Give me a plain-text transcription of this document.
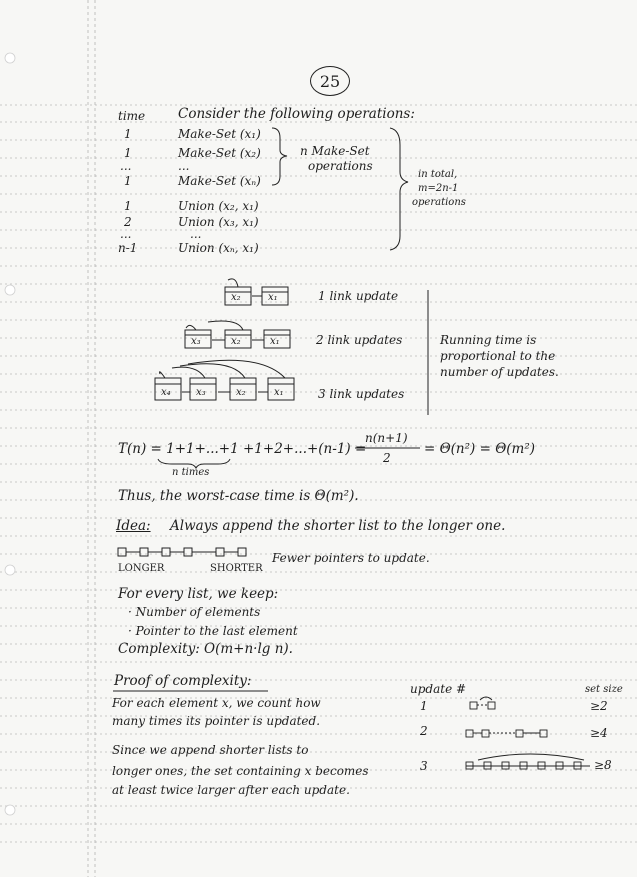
25
time Consider the following operations:
1	Make-Set (x₁)
1	Make-Set (x₂)
...	...
1	Make-Set (xₙ)
1	Union (x₂, x₁)
2	Union (x₃, x₁)
...	...
n-1	Union (xₙ, x₁)
n Make-Set
operations
in total,
m=2n-1
operations
x₂	x₁	1 link update
x₃	x₂	x₁	2 link updates
x₄	x₃	x₂	x₁	3 link updates
Running time is
proportional to the
number of updates.
T(n) = 1+1+...+1 +1+2+...+(n-1) =
n(n+1)
2
= Θ(n²) = Θ(m²)
n times
Thus, the worst-case time is Θ(m²).
Idea: Always append the shorter list to the longer one.
LONGER	SHORTER
Fewer pointers to update.
For every list, we keep:
· Number of elements
· Pointer to the last element
Complexity: O(m+n·lg n).
Proof of complexity:
For each element x, we count how
many times its pointer is updated.
Since we append shorter lists to
longer ones, the set containing x becomes
at least twice larger after each update.
update #	set size
1	≥2
2	≥4
3	≥8
